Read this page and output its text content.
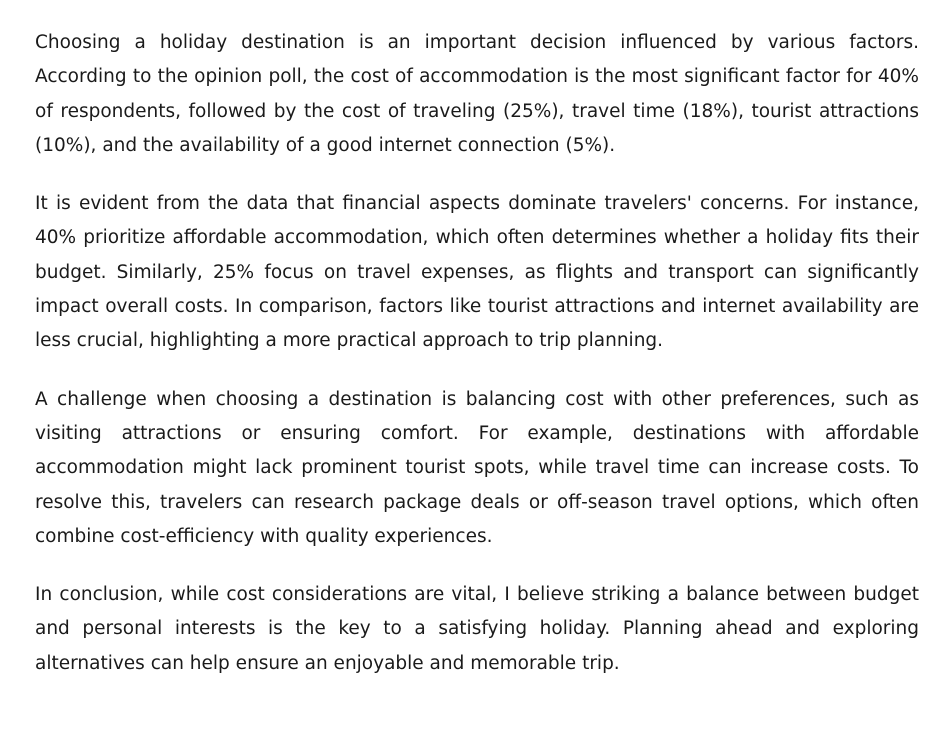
Choosing a holiday destination is an important decision influenced by various factors. According to the opinion poll, the cost of accommodation is the most significant factor for 40% of respondents, followed by the cost of traveling (25%), travel time (18%), tourist attractions (10%), and the availability of a good internet connection (5%).

It is evident from the data that financial aspects dominate travelers' concerns. For instance, 40% prioritize affordable accommodation, which often determines whether a holiday fits their budget. Similarly, 25% focus on travel expenses, as flights and transport can significantly impact overall costs. In comparison, factors like tourist attractions and internet availability are less crucial, highlighting a more practical approach to trip planning.

A challenge when choosing a destination is balancing cost with other preferences, such as visiting attractions or ensuring comfort. For example, destinations with affordable accommodation might lack prominent tourist spots, while travel time can increase costs. To resolve this, travelers can research package deals or off-season travel options, which often combine cost-efficiency with quality experiences.

In conclusion, while cost considerations are vital, I believe striking a balance between budget and personal interests is the key to a satisfying holiday. Planning ahead and exploring alternatives can help ensure an enjoyable and memorable trip.
